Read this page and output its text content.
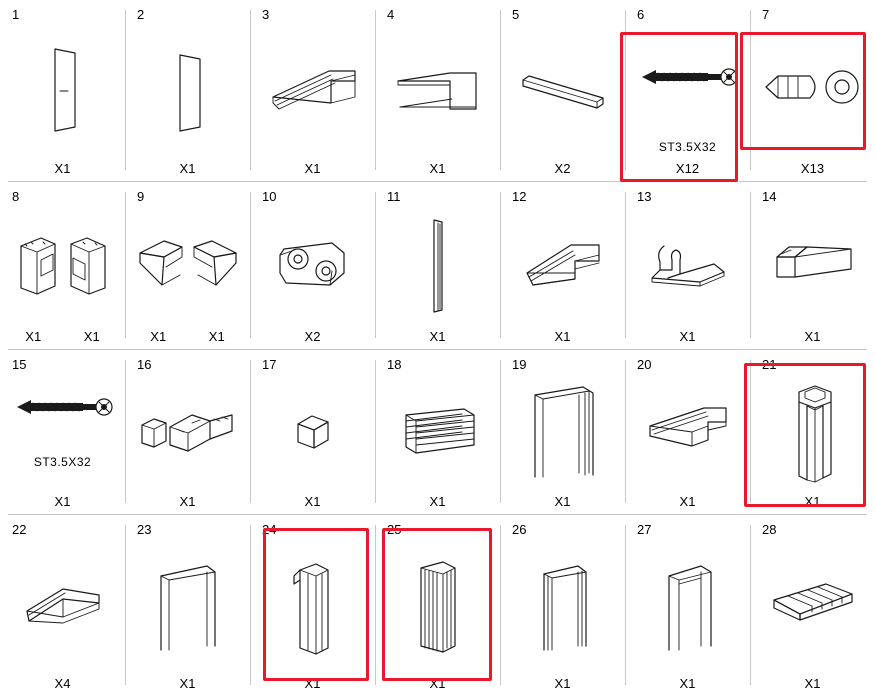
1
X1
2
X1
3
X1
4
X1
5
X2
6
ST3.5X32
X12
7
X13
8
X1	X1
9
X1	X1
10
X2
11
X1
12
X1
13
X1
14
X1
15
ST3.5X32
X1
16
X1
17
X1
18
X1
19
X1
20
X1
21
X1
22
X4
23
X1
24
X1
25
X1
26
X1
27
X1
28
X1
